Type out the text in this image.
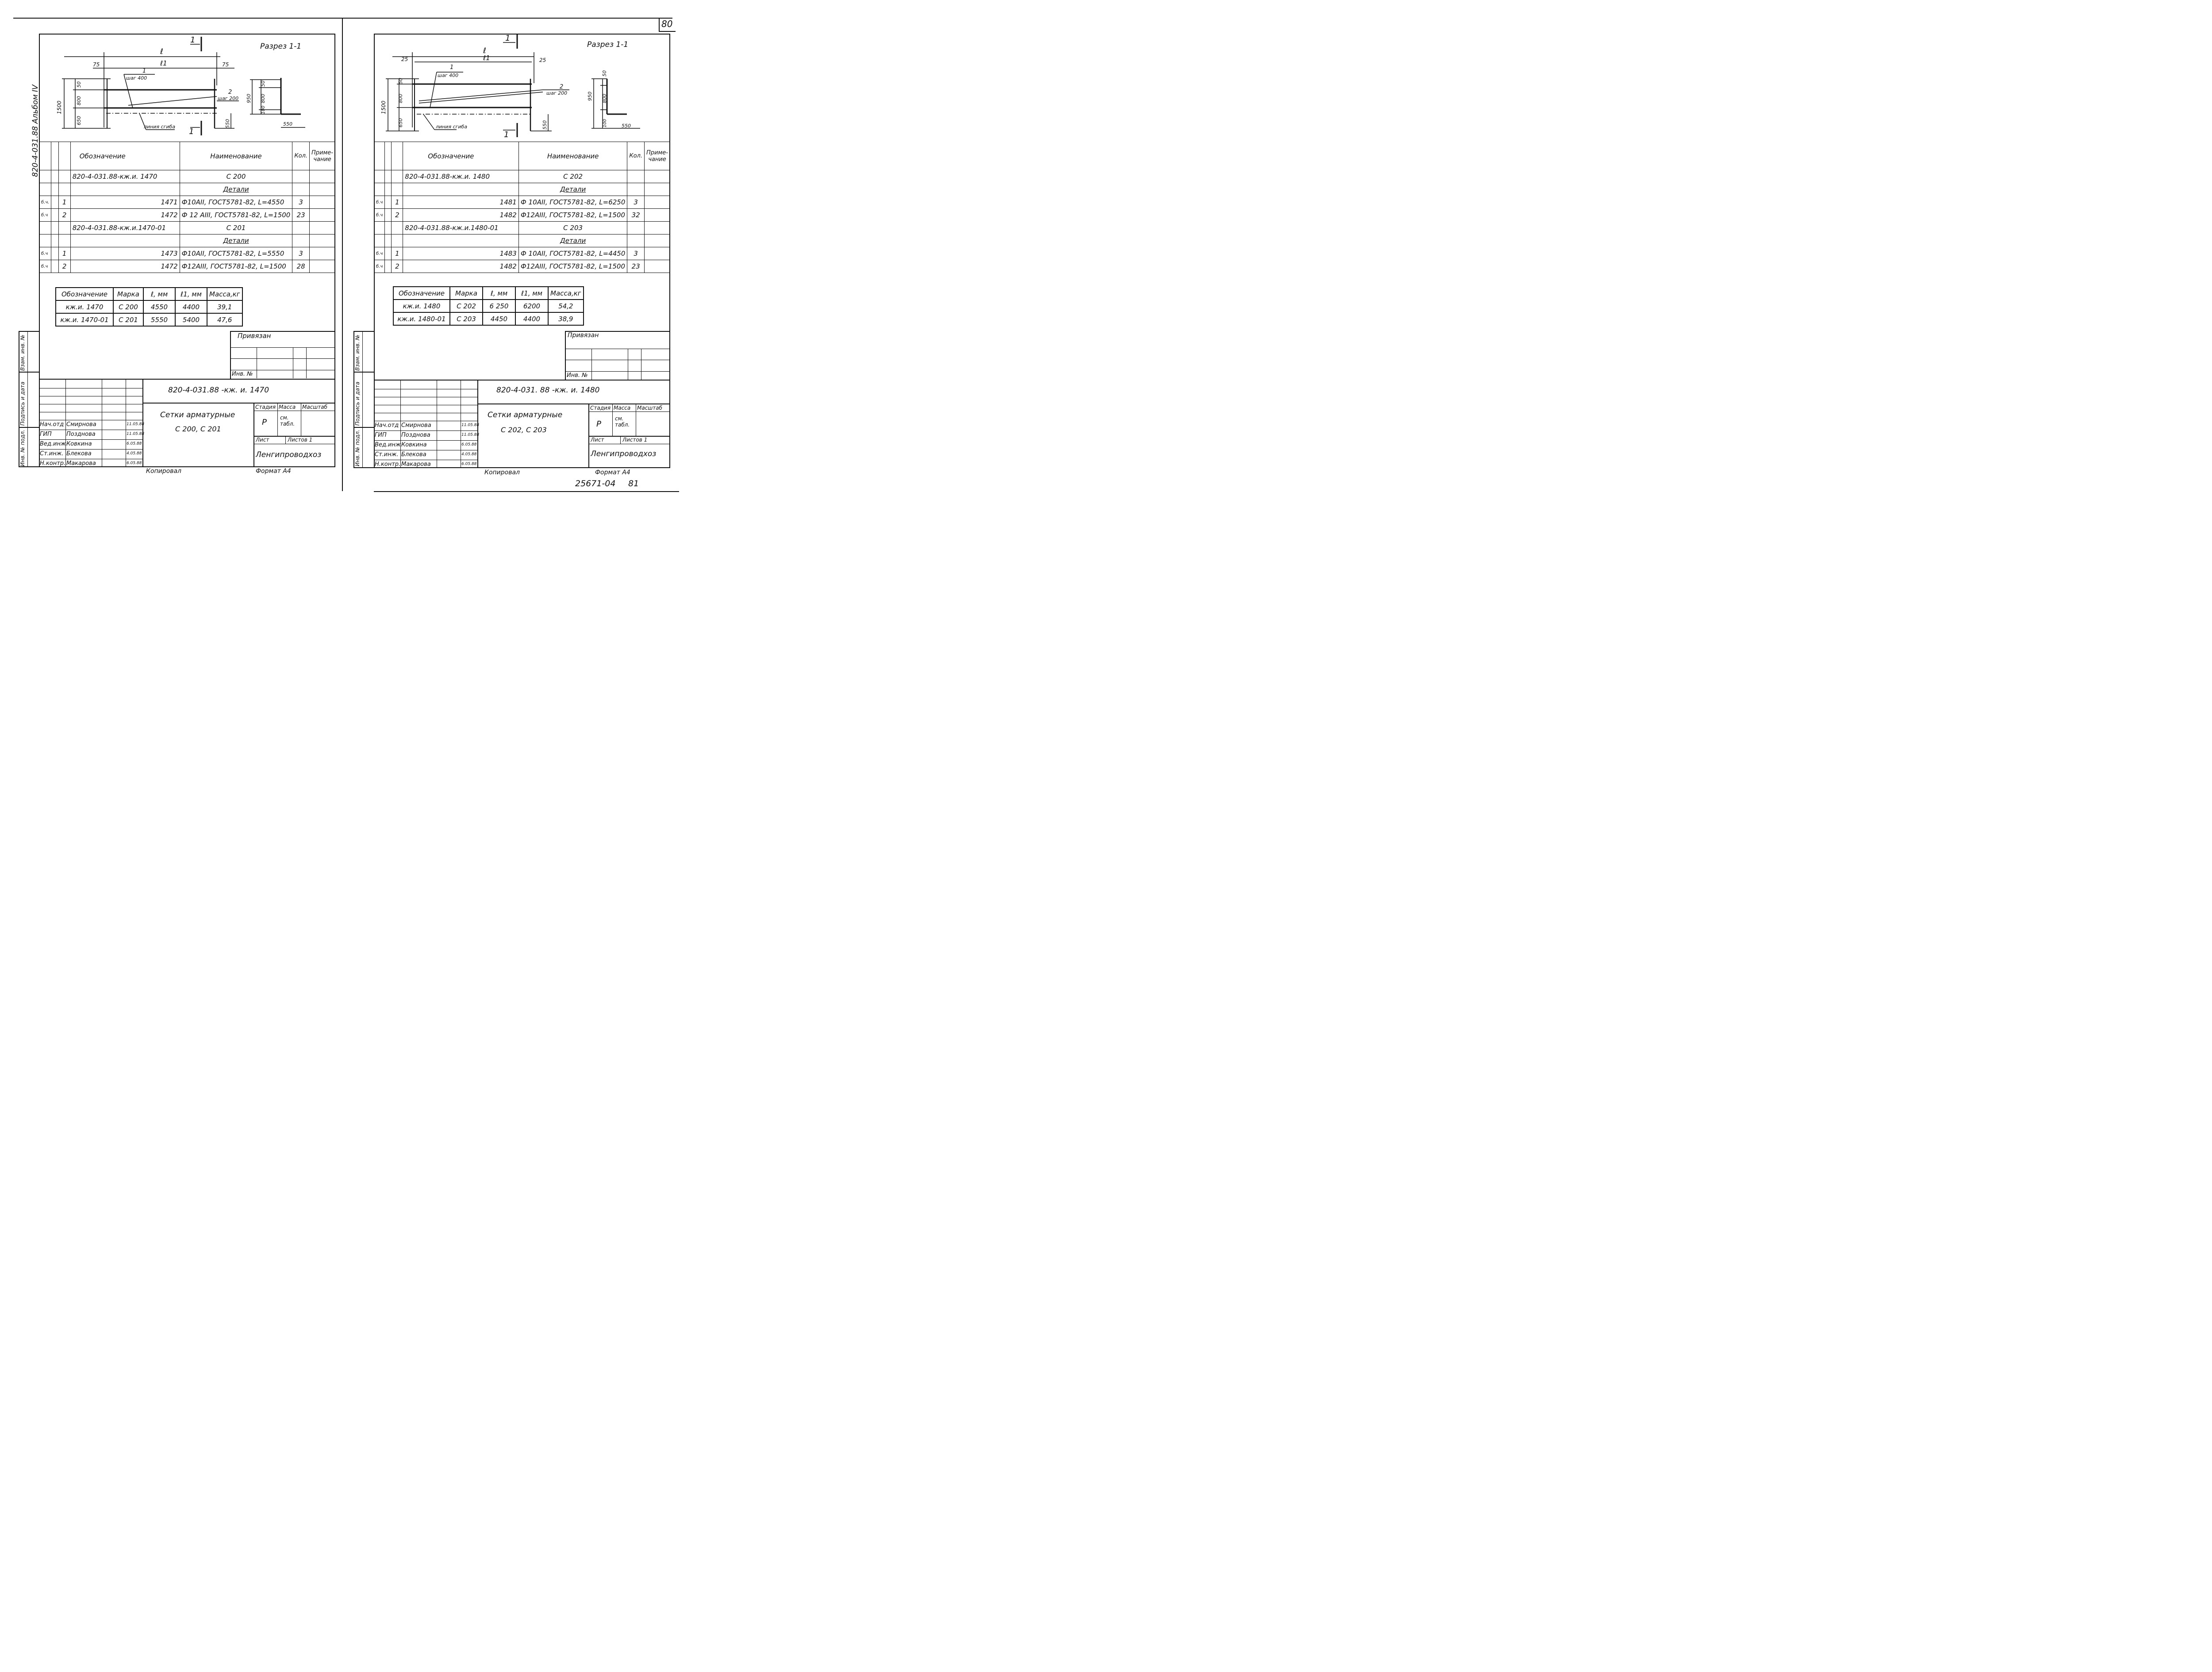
80
820-4-031.88 Альбом IV
Разрез 1-1
1
1
ℓ
ℓ1
75	75
1
шаг 400
2
шаг 200
линия сгиба
1500
50
800
650	550
950
50
800
100
550
			Обозначение	Наименование	Кол.	Приме-чание
			820-4-031.88-кж.и. 1470	С 200		
				Детали		
б.ч.		1	1471	Ф10АII, ГОСТ5781-82, L=4550	3	
б.ч		2	1472	Ф 12 АIII, ГОСТ5781-82, L=1500	23	
			820-4-031.88-кж.и.1470-01	С 201		
				Детали		
б.ч		1	1473	Ф10АII, ГОСТ5781-82, L=5550	3	
б.ч		2	1472	Ф12АIII, ГОСТ5781-82, L=1500	28	
Обозначение	Марка	ℓ, мм	ℓ1, мм	Масса,кг
кж.и. 1470	С 200	4550	4400	39,1
кж.и. 1470-01	С 201	5550	5400	47,6
Привязан
Инв. №
Взам. инв. №
Подпись и дата
Инв. № подл.
820-4-031.88 -кж. и. 1470
Сетки арматурные
С 200, С 201
Стадия Масса Масштаб
Р	см. табл.
Лист	Листов 1
Ленгипроводхоз
Нач.отд Смирнова	11.05.88
ГИП	Позднова	11.05.88
Вед.инж Ковкина	6.05.88
Ст.инж. Блекова	4.05.88
Н.контр. Макарова	6.05.88
Копировал	Формат А4
Разрез 1-1
1
1
ℓ
ℓ1
25	25
1
шаг 400
2
шаг 200
линия сгиба
1500
50
800
650	550
950
50
800
100	550
			Обозначение	Наименование	Кол.	Приме-чание
			820-4-031.88-кж.и. 1480	С 202		
				Детали		
б.ч		1	1481	Ф 10АII, ГОСТ5781-82, L=6250	3	
б.ч		2	1482	Ф12АIII, ГОСТ5781-82, L=1500	32	
			820-4-031.88-кж.и.1480-01	С 203		
				Детали		
б.ч		1	1483	Ф 10АII, ГОСТ5781-82, L=4450	3	
б.ч		2	1482	Ф12АIII, ГОСТ5781-82, L=1500	23	
Обозначение	Марка	ℓ, мм	ℓ1, мм	Масса,кг
кж.и. 1480	С 202	6 250	6200	54,2
кж.и. 1480-01	С 203	4450	4400	38,9
Привязан
Инв. №
Взам. инв. №
Подпись и дата
Инв. № подл.
820-4-031. 88 -кж. и. 1480
Сетки арматурные
С 202, С 203
Стадия Масса Масштаб
Р
см. табл.
Лист	Листов 1
Ленгипроводхоз
Нач.отд Смирнова	11.05.88
ГИП	Позднова	11.05.88
Вед.инж Ковкина	6.05.88
Ст.инж. Блекова	4.05.88
Н.контр. Макарова	6.05.88
Копировал	Формат А4
25671-04 81
